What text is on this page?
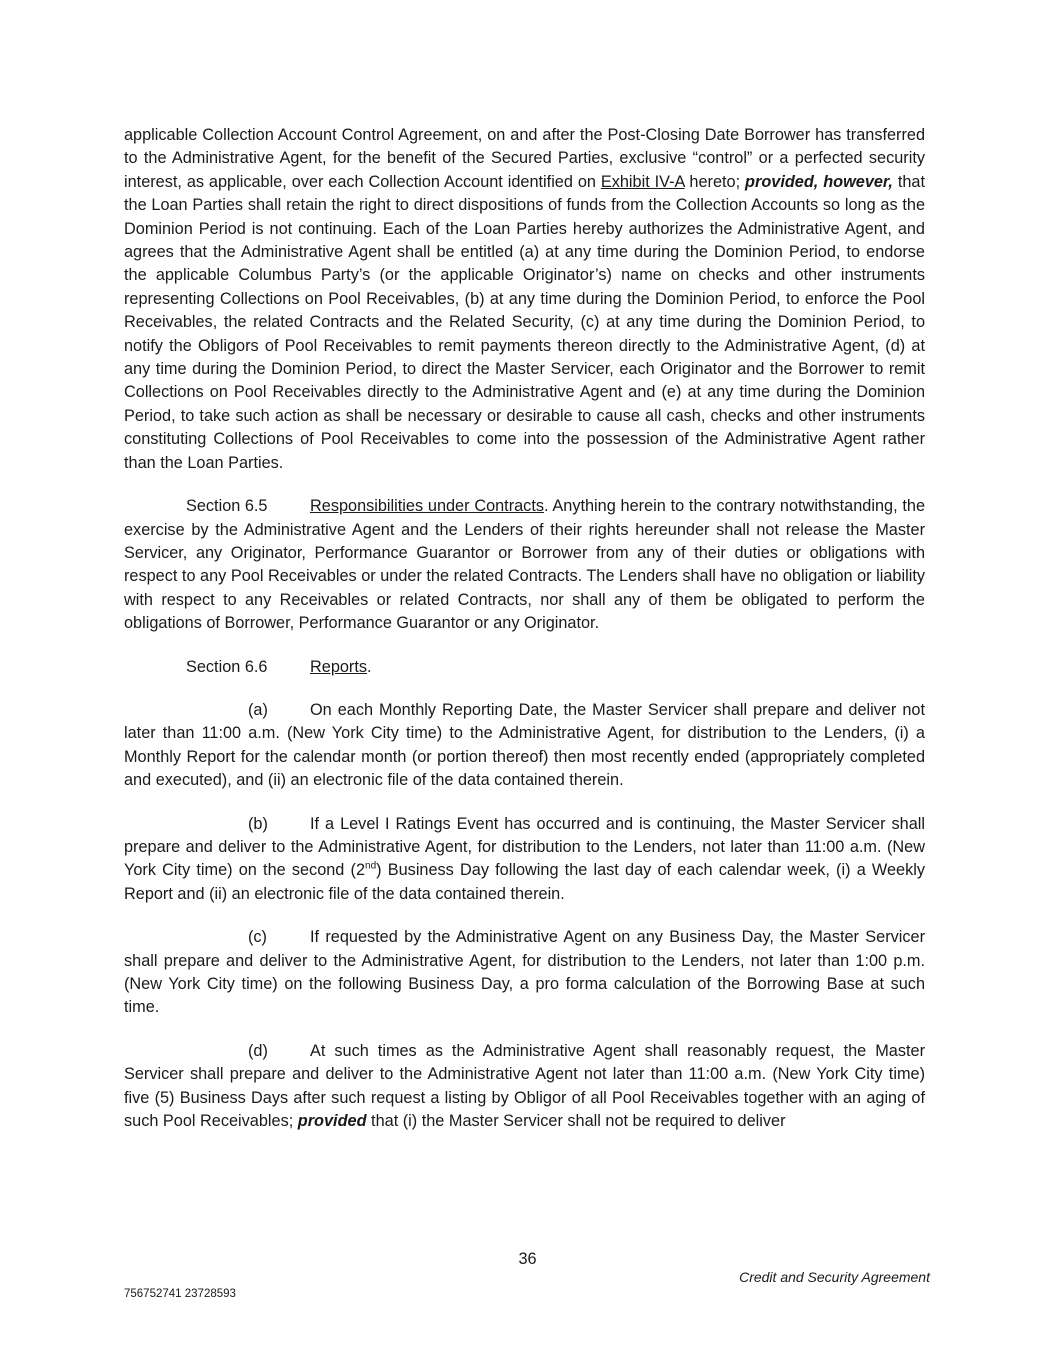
applicable Collection Account Control Agreement, on and after the Post-Closing Date Borrower has transferred to the Administrative Agent, for the benefit of the Secured Parties, exclusive “control” or a perfected security interest, as applicable, over each Collection Account identified on Exhibit IV-A hereto; provided, however, that the Loan Parties shall retain the right to direct dispositions of funds from the Collection Accounts so long as the Dominion Period is not continuing. Each of the Loan Parties hereby authorizes the Administrative Agent, and agrees that the Administrative Agent shall be entitled (a) at any time during the Dominion Period, to endorse the applicable Columbus Party’s (or the applicable Originator’s) name on checks and other instruments representing Collections on Pool Receivables, (b) at any time during the Dominion Period, to enforce the Pool Receivables, the related Contracts and the Related Security, (c) at any time during the Dominion Period, to notify the Obligors of Pool Receivables to remit payments thereon directly to the Administrative Agent, (d) at any time during the Dominion Period, to direct the Master Servicer, each Originator and the Borrower to remit Collections on Pool Receivables directly to the Administrative Agent and (e) at any time during the Dominion Period, to take such action as shall be necessary or desirable to cause all cash, checks and other instruments constituting Collections of Pool Receivables to come into the possession of the Administrative Agent rather than the Loan Parties.

Section 6.5	Responsibilities under Contracts. Anything herein to the contrary notwithstanding, the exercise by the Administrative Agent and the Lenders of their rights hereunder shall not release the Master Servicer, any Originator, Performance Guarantor or Borrower from any of their duties or obligations with respect to any Pool Receivables or under the related Contracts. The Lenders shall have no obligation or liability with respect to any Receivables or related Contracts, nor shall any of them be obligated to perform the obligations of Borrower, Performance Guarantor or any Originator.

Section 6.6	Reports.

(a)	On each Monthly Reporting Date, the Master Servicer shall prepare and deliver not later than 11:00 a.m. (New York City time) to the Administrative Agent, for distribution to the Lenders, (i) a Monthly Report for the calendar month (or portion thereof) then most recently ended (appropriately completed and executed), and (ii) an electronic file of the data contained therein.

(b)	If a Level I Ratings Event has occurred and is continuing, the Master Servicer shall prepare and deliver to the Administrative Agent, for distribution to the Lenders, not later than 11:00 a.m. (New York City time) on the second (2nd) Business Day following the last day of each calendar week, (i) a Weekly Report and (ii) an electronic file of the data contained therein.

(c)	If requested by the Administrative Agent on any Business Day, the Master Servicer shall prepare and deliver to the Administrative Agent, for distribution to the Lenders, not later than 1:00 p.m. (New York City time) on the following Business Day, a pro forma calculation of the Borrowing Base at such time.

(d)	At such times as the Administrative Agent shall reasonably request, the Master Servicer shall prepare and deliver to the Administrative Agent not later than 11:00 a.m. (New York City time) five (5) Business Days after such request a listing by Obligor of all Pool Receivables together with an aging of such Pool Receivables; provided that (i) the Master Servicer shall not be required to deliver

36
Credit and Security Agreement
756752741 23728593
